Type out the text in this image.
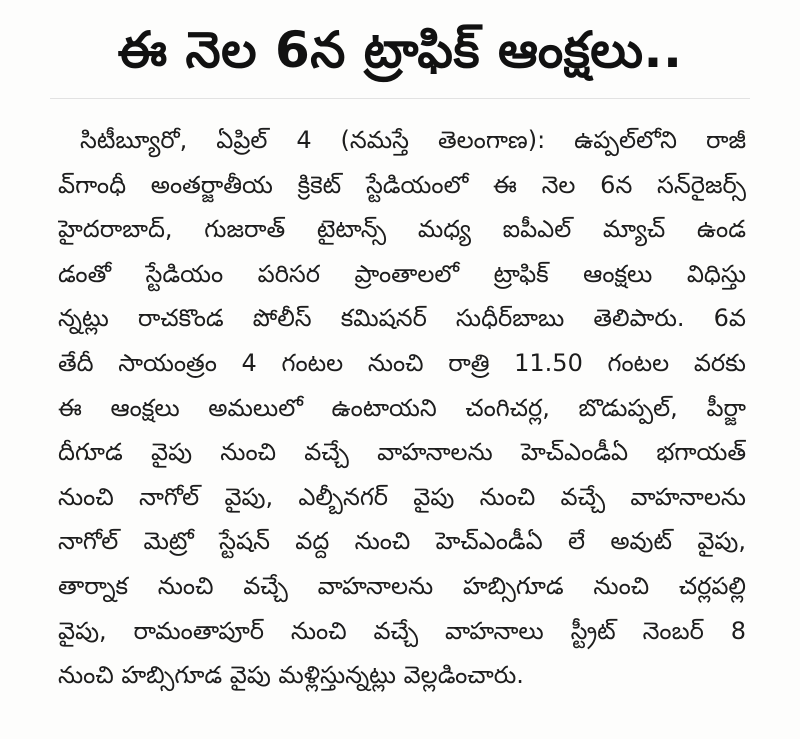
ఈ నెల 6న ట్రాఫిక్ ఆంక్షలు..
సిటీబ్యూరో, ఏప్రిల్ 4 (నమస్తే తెలంగాణ): ఉప్పల్‌లోని రాజీ
వ్‌గాంధీ అంతర్జాతీయ క్రికెట్ స్టేడియంలో ఈ నెల 6న సన్‌రైజర్స్
హైదరాబాద్, గుజరాత్ టైటాన్స్ మధ్య ఐపీఎల్ మ్యాచ్ ఉండ
డంతో స్టేడియం పరిసర ప్రాంతాలలో ట్రాఫిక్ ఆంక్షలు విధిస్తు
న్నట్లు రాచకొండ పోలీస్ కమిషనర్ సుధీర్‌బాబు తెలిపారు. 6వ
తేదీ సాయంత్రం 4 గంటల నుంచి రాత్రి 11.50 గంటల వరకు
ఈ ఆంక్షలు అమలులో ఉంటాయని చంగిచర్ల, బొడుప్పల్, పీర్జా
దీగూడ వైపు నుంచి వచ్చే వాహనాలను హెచ్‌ఎండీఏ భగాయత్
నుంచి నాగోల్ వైపు, ఎల్బీనగర్ వైపు నుంచి వచ్చే వాహనాలను
నాగోల్ మెట్రో స్టేషన్ వద్ద నుంచి హెచ్‌ఎండీఏ లే అవుట్ వైపు,
తార్నాక నుంచి వచ్చే వాహనాలను హబ్సిగూడ నుంచి చర్లపల్లి
వైపు, రామంతాపూర్ నుంచి వచ్చే వాహనాలు స్ట్రీట్ నెంబర్ 8
నుంచి హబ్సిగూడ వైపు మళ్లిస్తున్నట్లు వెల్లడించారు.
